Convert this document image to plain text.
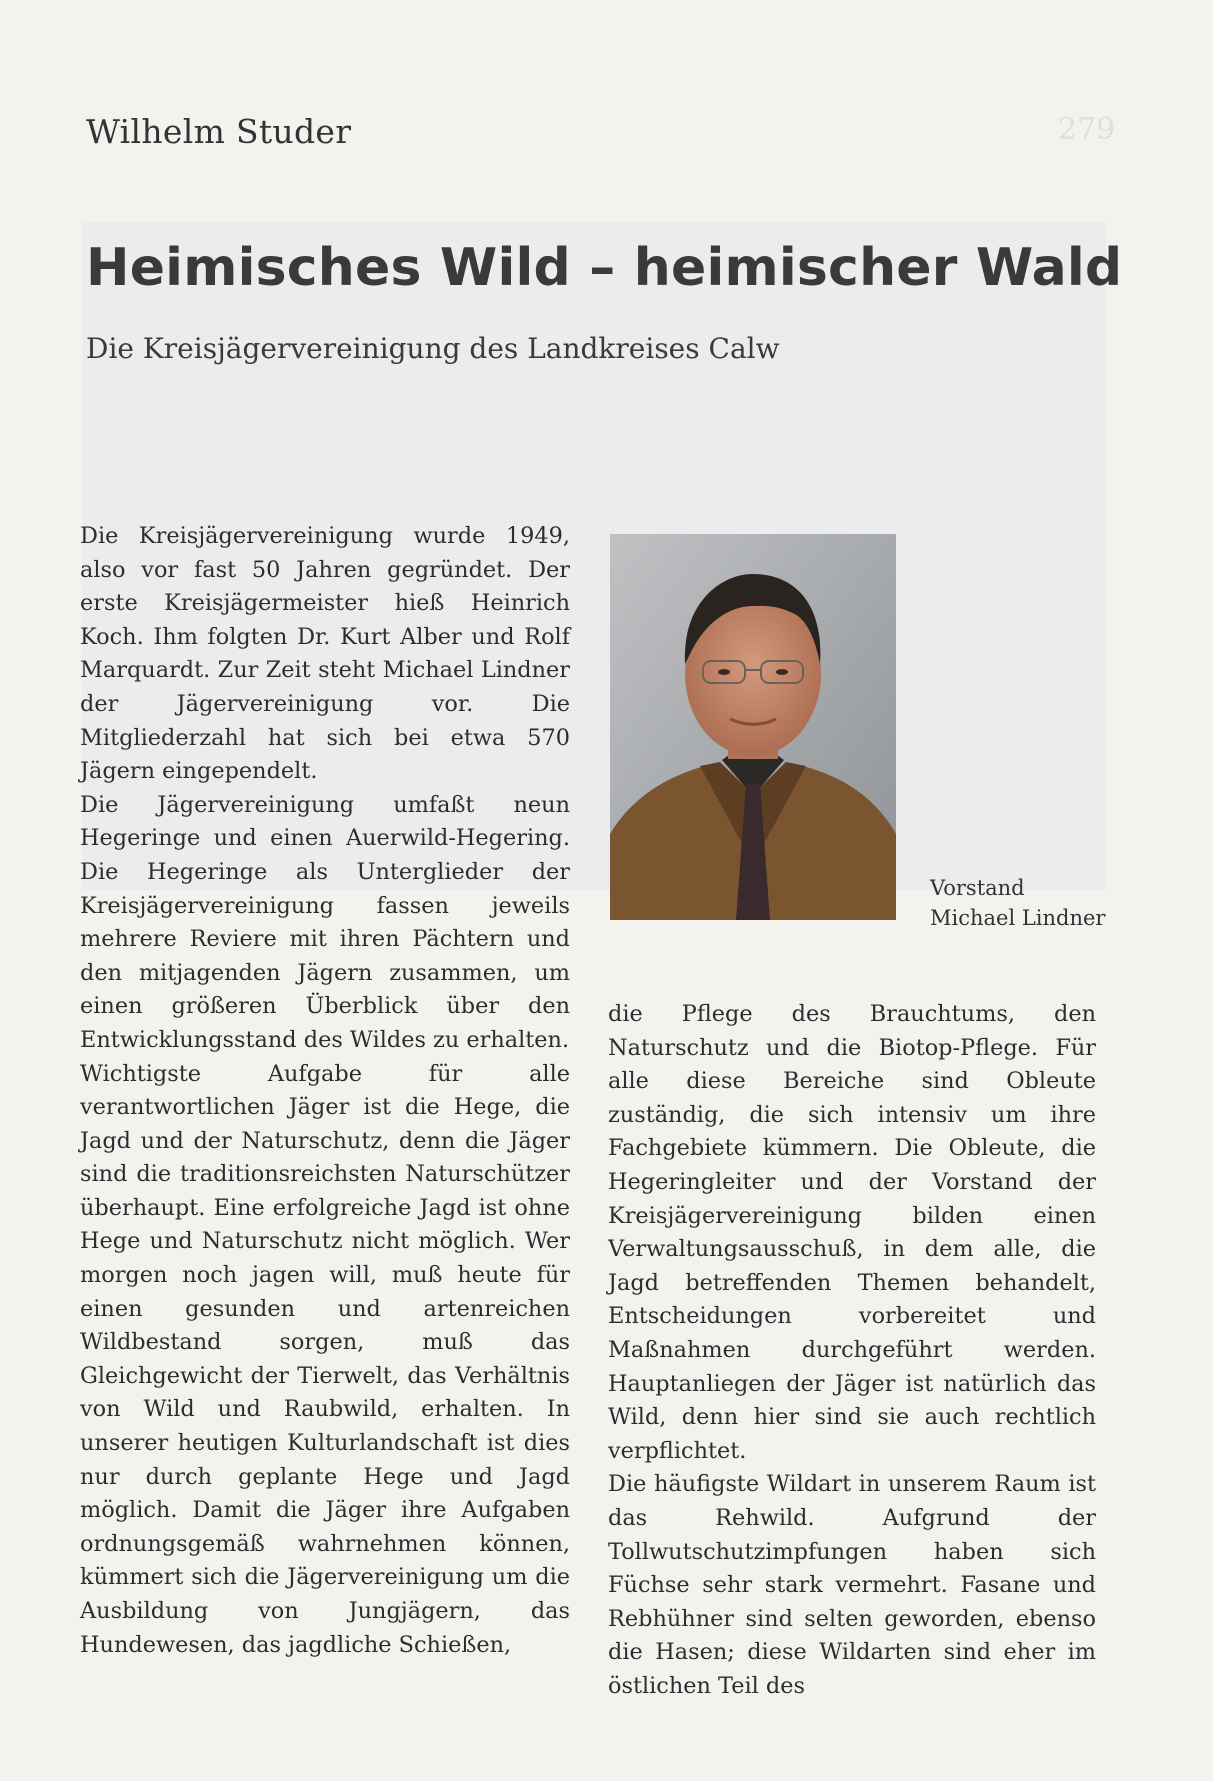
279
Wilhelm Studer
Heimisches Wild – heimischer Wald
Die Kreisjägervereinigung des Landkreises Calw

Die Kreisjägervereinigung wurde 1949, also vor fast 50 Jahren gegründet. Der erste Kreisjägermeister hieß Heinrich Koch. Ihm folgten Dr. Kurt Alber und Rolf Marquardt. Zur Zeit steht Michael Lindner der Jägervereinigung vor. Die Mitgliederzahl hat sich bei etwa 570 Jägern eingependelt.

Die Jägervereinigung umfaßt neun Hegeringe und einen Auerwild-Hegering. Die Hegeringe als Unterglieder der Kreisjägervereinigung fassen jeweils mehrere Reviere mit ihren Pächtern und den mitjagenden Jägern zusammen, um einen größeren Überblick über den Entwicklungsstand des Wildes zu erhalten.

Wichtigste Aufgabe für alle verantwortlichen Jäger ist die Hege, die Jagd und der Naturschutz, denn die Jäger sind die traditionsreichsten Naturschützer überhaupt. Eine erfolgreiche Jagd ist ohne Hege und Naturschutz nicht möglich. Wer morgen noch jagen will, muß heute für einen gesunden und artenreichen Wildbestand sorgen, muß das Gleichgewicht der Tierwelt, das Verhältnis von Wild und Raubwild, erhalten. In unserer heutigen Kulturlandschaft ist dies nur durch geplante Hege und Jagd möglich. Damit die Jäger ihre Aufgaben ordnungsgemäß wahrnehmen können, kümmert sich die Jägervereinigung um die Ausbildung von Jungjägern, das Hundewesen, das jagdliche Schießen,

Vorstand
Michael Lindner

die Pflege des Brauchtums, den Naturschutz und die Biotop-Pflege. Für alle diese Bereiche sind Obleute zuständig, die sich intensiv um ihre Fachgebiete kümmern. Die Obleute, die Hegeringleiter und der Vorstand der Kreisjägervereinigung bilden einen Verwaltungsausschuß, in dem alle, die Jagd betreffenden Themen behandelt, Entscheidungen vorbereitet und Maßnahmen durchgeführt werden. Hauptanliegen der Jäger ist natürlich das Wild, denn hier sind sie auch rechtlich verpflichtet.

Die häufigste Wildart in unserem Raum ist das Rehwild. Aufgrund der Tollwutschutzimpfungen haben sich Füchse sehr stark vermehrt. Fasane und Rebhühner sind selten geworden, ebenso die Hasen; diese Wildarten sind eher im östlichen Teil des
